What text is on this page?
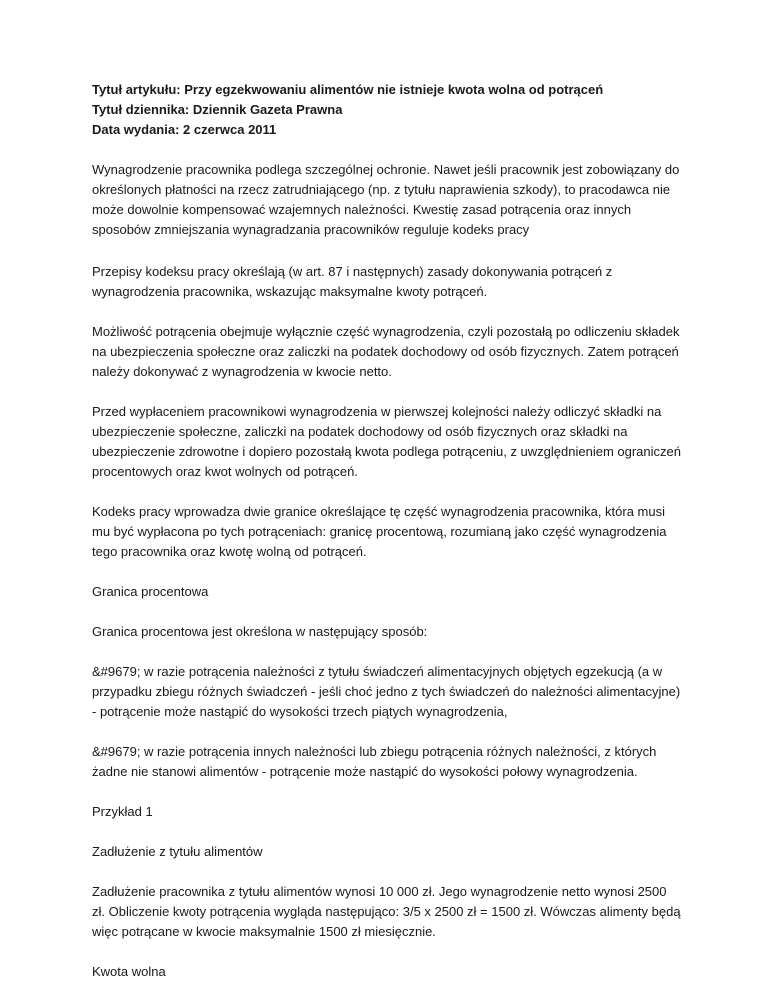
Tytuł artykułu: Przy egzekwowaniu alimentów nie istnieje kwota wolna od potrąceń
Tytuł dziennika: Dziennik Gazeta Prawna
Data wydania: 2 czerwca 2011

Wynagrodzenie pracownika podlega szczególnej ochronie. Nawet jeśli pracownik jest zobowiązany do określonych płatności na rzecz zatrudniającego (np. z tytułu naprawienia szkody), to pracodawca nie może dowolnie kompensować wzajemnych należności. Kwestię zasad potrącenia oraz innych sposobów zmniejszania wynagradzania pracowników reguluje kodeks pracy

Przepisy kodeksu pracy określają (w art. 87 i następnych) zasady dokonywania potrąceń z wynagrodzenia pracownika, wskazując maksymalne kwoty potrąceń.

Możliwość potrącenia obejmuje wyłącznie część wynagrodzenia, czyli pozostałą po odliczeniu składek na ubezpieczenia społeczne oraz zaliczki na podatek dochodowy od osób fizycznych. Zatem potrąceń należy dokonywać z wynagrodzenia w kwocie netto.

Przed wypłaceniem pracownikowi wynagrodzenia w pierwszej kolejności należy odliczyć składki na ubezpieczenie społeczne, zaliczki na podatek dochodowy od osób fizycznych oraz składki na ubezpieczenie zdrowotne i dopiero pozostałą kwota podlega potrąceniu, z uwzględnieniem ograniczeń procentowych oraz kwot wolnych od potrąceń.

Kodeks pracy wprowadza dwie granice określające tę część wynagrodzenia pracownika, która musi mu być wypłacona po tych potrąceniach: granicę procentową, rozumianą jako część wynagrodzenia tego pracownika oraz kwotę wolną od potrąceń.

Granica procentowa

Granica procentowa jest określona w następujący sposób:

&#9679; w razie potrącenia należności z tytułu świadczeń alimentacyjnych objętych egzekucją (a w przypadku zbiegu różnych świadczeń - jeśli choć jedno z tych świadczeń do należności alimentacyjne) - potrącenie może nastąpić do wysokości trzech piątych wynagrodzenia,

&#9679; w razie potrącenia innych należności lub zbiegu potrącenia różnych należności, z których żadne nie stanowi alimentów - potrącenie może nastąpić do wysokości połowy wynagrodzenia.

Przykład 1

Zadłużenie z tytułu alimentów

Zadłużenie pracownika z tytułu alimentów wynosi 10 000 zł. Jego wynagrodzenie netto wynosi 2500 zł. Obliczenie kwoty potrącenia wygląda następująco: 3/5 x 2500 zł = 1500 zł. Wówczas alimenty będą więc potrącane w kwocie maksymalnie 1500 zł miesięcznie.

Kwota wolna
